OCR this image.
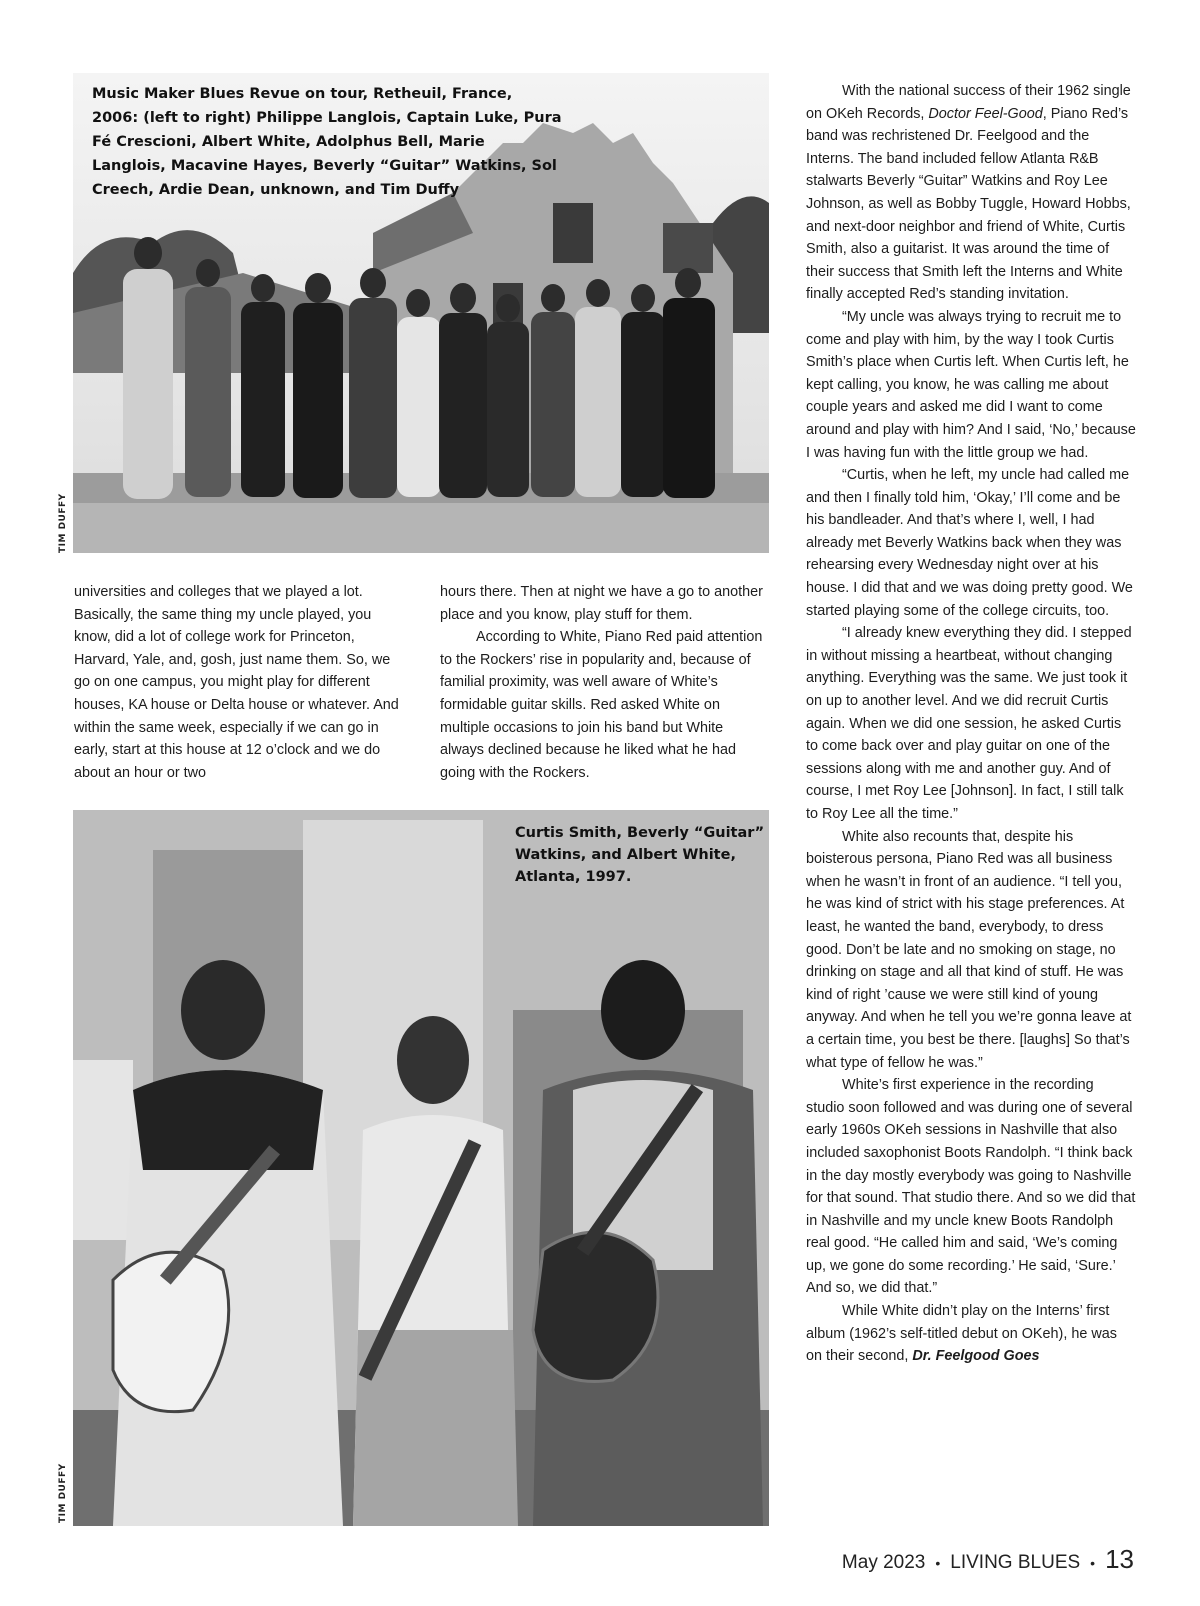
Music Maker Blues Revue on tour, Retheuil, France, 2006: (left to right) Philippe Langlois, Captain Luke, Pura Fé Crescioni, Albert White, Adolphus Bell, Marie Langlois, Macavine Hayes, Beverly “Guitar” Watkins, Sol Creech, Ardie Dean, unknown, and Tim Duffy
TIM DUFFY

universities and colleges that we played a lot. Basically, the same thing my uncle played, you know, did a lot of college work for Princeton, Harvard, Yale, and, gosh, just name them. So, we go on one campus, you might play for different houses, KA house or Delta house or whatever. And within the same week, especially if we can go in early, start at this house at 12 o’clock and we do about an hour or two

hours there. Then at night we have a go to another place and you know, play stuff for them.

According to White, Piano Red paid attention to the Rockers’ rise in popularity and, because of familial proximity, was well aware of White’s formidable guitar skills. Red asked White on multiple occasions to join his band but White always declined because he liked what he had going with the Rockers.

Curtis Smith, Beverly “Guitar” Watkins, and Albert White, Atlanta, 1997.
TIM DUFFY

With the national success of their 1962 single on OKeh Records, Doctor Feel-Good, Piano Red’s band was rechristened Dr. Feelgood and the Interns. The band included fellow Atlanta R&B stalwarts Beverly “Guitar” Watkins and Roy Lee Johnson, as well as Bobby Tuggle, Howard Hobbs, and next-door neighbor and friend of White, Curtis Smith, also a guitarist. It was around the time of their success that Smith left the Interns and White finally accepted Red’s standing invitation.

“My uncle was always trying to recruit me to come and play with him, by the way I took Curtis Smith’s place when Curtis left. When Curtis left, he kept calling, you know, he was calling me about couple years and asked me did I want to come around and play with him? And I said, ‘No,’ because I was having fun with the little group we had.

“Curtis, when he left, my uncle had called me and then I finally told him, ‘Okay,’ I’ll come and be his bandleader. And that’s where I, well, I had already met Beverly Watkins back when they was rehearsing every Wednesday night over at his house. I did that and we was doing pretty good. We started playing some of the college circuits, too.

“I already knew everything they did. I stepped in without missing a heartbeat, without changing anything. Everything was the same. We just took it on up to another level. And we did recruit Curtis again. When we did one session, he asked Curtis to come back over and play guitar on one of the sessions along with me and another guy. And of course, I met Roy Lee [Johnson]. In fact, I still talk to Roy Lee all the time.”

White also recounts that, despite his boisterous persona, Piano Red was all business when he wasn’t in front of an audience. “I tell you, he was kind of strict with his stage preferences. At least, he wanted the band, everybody, to dress good. Don’t be late and no smoking on stage, no drinking on stage and all that kind of stuff. He was kind of right ’cause we were still kind of young anyway. And when he tell you we’re gonna leave at a certain time, you best be there. [laughs] So that’s what type of fellow he was.”

White’s first experience in the recording studio soon followed and was during one of several early 1960s OKeh sessions in Nashville that also included saxophonist Boots Randolph. “I think back in the day mostly everybody was going to Nashville for that sound. That studio there. And so we did that in Nashville and my uncle knew Boots Randolph real good. “He called him and said, ‘We’s coming up, we gone do some recording.’ He said, ‘Sure.’ And so, we did that.”

While White didn’t play on the Interns’ first album (1962’s self-titled debut on OKeh), he was on their second, Dr. Feelgood Goes

May 2023 • LIVING BLUES • 13
